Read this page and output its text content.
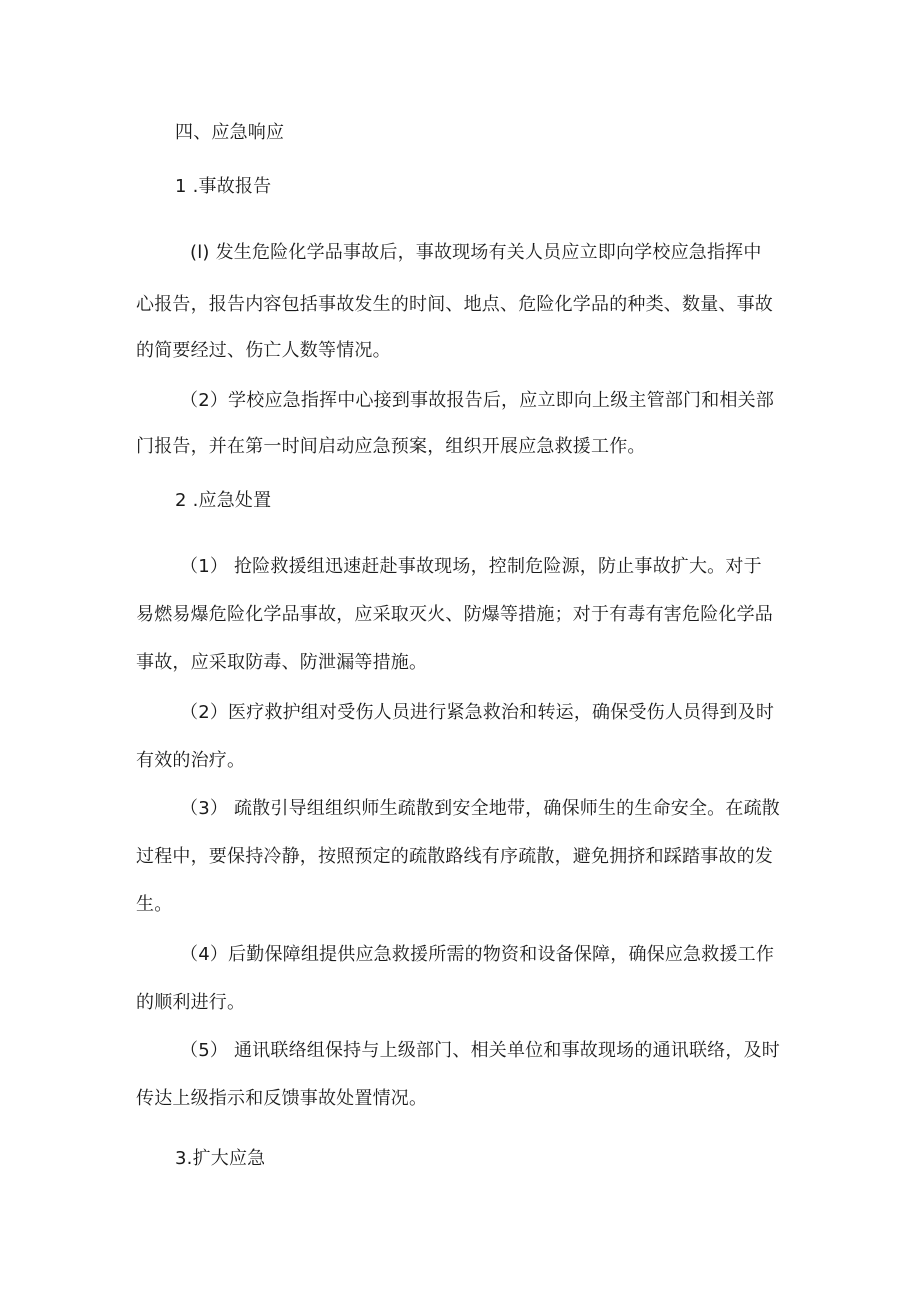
四、应急响应
1 .事故报告
(l) 发生危险化学品事故后，事故现场有关人员应立即向学校应急指挥中
心报告，报告内容包括事故发生的时间、地点、危险化学品的种类、数量、事故
的简要经过、伤亡人数等情况。
（2）学校应急指挥中心接到事故报告后，应立即向上级主管部门和相关部
门报告，并在第一时间启动应急预案，组织开展应急救援工作。
2 .应急处置
（1） 抢险救援组迅速赶赴事故现场，控制危险源，防止事故扩大。对于
易燃易爆危险化学品事故，应采取灭火、防爆等措施；对于有毒有害危险化学品
事故，应采取防毒、防泄漏等措施。
（2）医疗救护组对受伤人员进行紧急救治和转运，确保受伤人员得到及时
有效的治疗。
（3） 疏散引导组组织师生疏散到安全地带，确保师生的生命安全。在疏散
过程中，要保持冷静，按照预定的疏散路线有序疏散，避免拥挤和踩踏事故的发
生。
（4）后勤保障组提供应急救援所需的物资和设备保障，确保应急救援工作
的顺利进行。
（5） 通讯联络组保持与上级部门、相关单位和事故现场的通讯联络，及时
传达上级指示和反馈事故处置情况。
3.扩大应急
